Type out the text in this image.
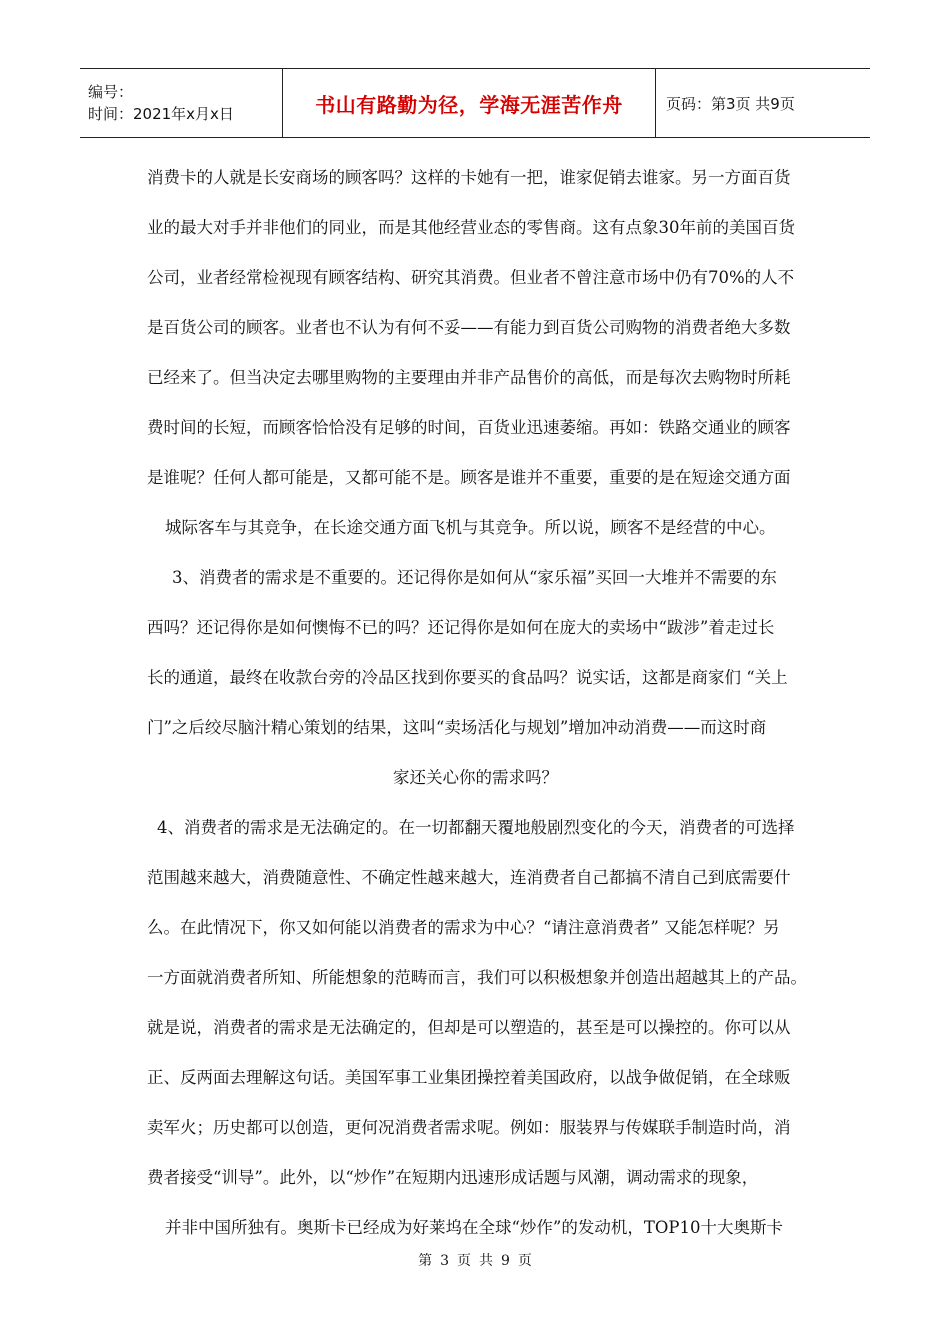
编号：
时间：2021年x月x日	书山有路勤为径，学海无涯苦作舟	页码：第3页 共9页
消费卡的人就是长安商场的顾客吗？这样的卡她有一把，谁家促销去谁家。另一方面百货
业的最大对手并非他们的同业，而是其他经营业态的零售商。这有点象30年前的美国百货
公司，业者经常检视现有顾客结构、研究其消费。但业者不曾注意市场中仍有70%的人不
是百货公司的顾客。业者也不认为有何不妥——有能力到百货公司购物的消费者绝大多数
已经来了。但当决定去哪里购物的主要理由并非产品售价的高低，而是每次去购物时所耗
费时间的长短，而顾客恰恰没有足够的时间，百货业迅速萎缩。再如：铁路交通业的顾客
是谁呢？任何人都可能是，又都可能不是。顾客是谁并不重要，重要的是在短途交通方面
城际客车与其竞争，在长途交通方面飞机与其竞争。所以说，顾客不是经营的中心。
3、消费者的需求是不重要的。还记得你是如何从“家乐福”买回一大堆并不需要的东
西吗？还记得你是如何懊悔不已的吗？还记得你是如何在庞大的卖场中“跋涉”着走过长
长的通道，最终在收款台旁的冷品区找到你要买的食品吗？说实话，这都是商家们 “关上
门”之后绞尽脑汁精心策划的结果，这叫“卖场活化与规划”增加冲动消费——而这时商
家还关心你的需求吗？
4、消费者的需求是无法确定的。在一切都翻天覆地般剧烈变化的今天，消费者的可选择
范围越来越大，消费随意性、不确定性越来越大，连消费者自己都搞不清自己到底需要什
么。在此情况下，你又如何能以消费者的需求为中心？“请注意消费者” 又能怎样呢？另
一方面就消费者所知、所能想象的范畴而言，我们可以积极想象并创造出超越其上的产品。
就是说，消费者的需求是无法确定的，但却是可以塑造的，甚至是可以操控的。你可以从
正、反两面去理解这句话。美国军事工业集团操控着美国政府，以战争做促销，在全球贩
卖军火；历史都可以创造，更何况消费者需求呢。例如：服装界与传媒联手制造时尚，消
费者接受“训导”。此外，以“炒作”在短期内迅速形成话题与风潮，调动需求的现象，
并非中国所独有。奥斯卡已经成为好莱坞在全球“炒作”的发动机，TOP10十大奥斯卡
第 3 页 共 9 页
